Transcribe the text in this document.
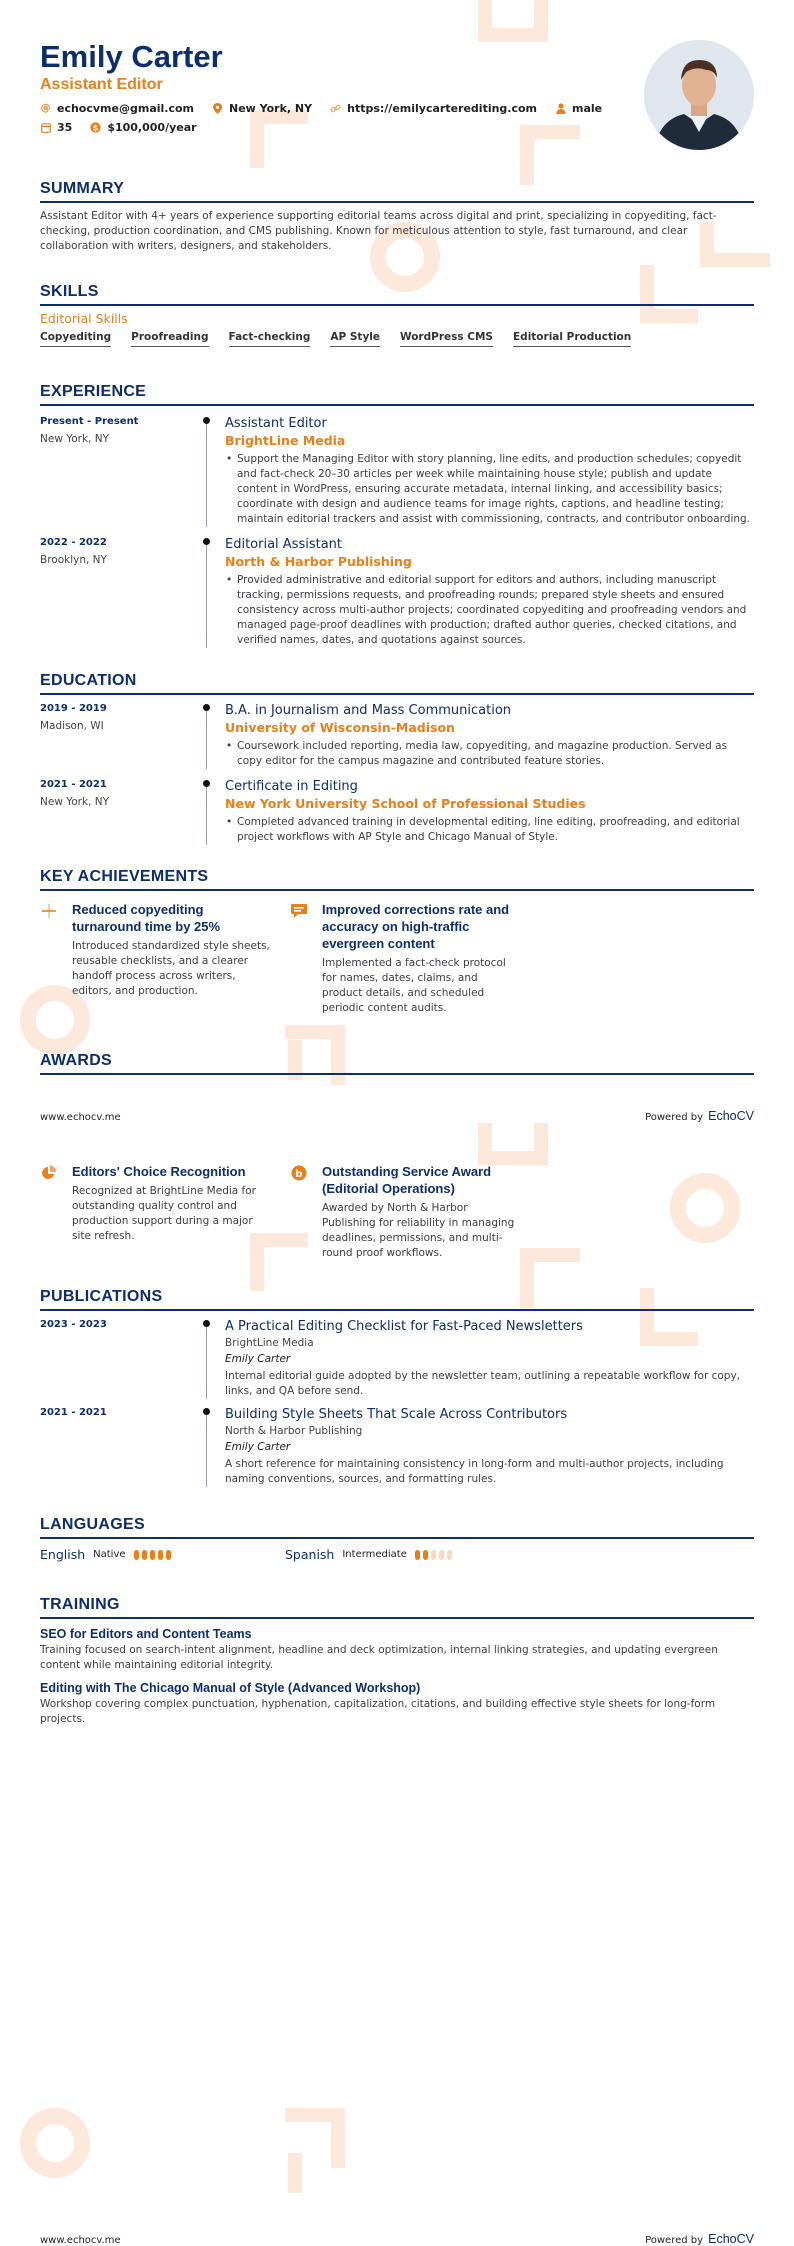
Emily Carter
Assistant Editor
@ echocvme@gmail.com	New York, NY	https://emilycarterediting.com	male
35	$ $100,000/year
SUMMARY
Assistant Editor with 4+ years of experience supporting editorial teams across digital and print, specializing in copyediting, fact-checking, production coordination, and CMS publishing. Known for meticulous attention to style, fast turnaround, and clear collaboration with writers, designers, and stakeholders.
SKILLS
Editorial Skills
Copyediting Proofreading Fact-checking AP Style WordPress CMS Editorial Production
EXPERIENCE
Present - Present
New York, NY
Assistant Editor
BrightLine Media
• Support the Managing Editor with story planning, line edits, and production schedules; copyedit and fact-check 20–30 articles per week while maintaining house style; publish and update content in WordPress, ensuring accurate metadata, internal linking, and accessibility basics; coordinate with design and audience teams for image rights, captions, and headline testing; maintain editorial trackers and assist with commissioning, contracts, and contributor onboarding.
2022 - 2022
Brooklyn, NY
Editorial Assistant
North & Harbor Publishing
• Provided administrative and editorial support for editors and authors, including manuscript tracking, permissions requests, and proofreading rounds; prepared style sheets and ensured consistency across multi-author projects; coordinated copyediting and proofreading vendors and managed page-proof deadlines with production; drafted author queries, checked citations, and verified names, dates, and quotations against sources.
EDUCATION
2019 - 2019
Madison, WI
B.A. in Journalism and Mass Communication
University of Wisconsin-Madison
• Coursework included reporting, media law, copyediting, and magazine production. Served as copy editor for the campus magazine and contributed feature stories.
2021 - 2021
New York, NY
Certificate in Editing
New York University School of Professional Studies
• Completed advanced training in developmental editing, line editing, proofreading, and editorial project workflows with AP Style and Chicago Manual of Style.
KEY ACHIEVEMENTS
Reduced copyediting turnaround time by 25%
Introduced standardized style sheets, reusable checklists, and a clearer handoff process across writers, editors, and production.
Improved corrections rate and accuracy on high-traffic evergreen content
Implemented a fact-check protocol for names, dates, claims, and product details, and scheduled periodic content audits.
AWARDS
www.echocv.me	Powered by EchoCV
Editors' Choice Recognition
Recognized at BrightLine Media for outstanding quality control and production support during a major site refresh.
b Outstanding Service Award (Editorial Operations)
Awarded by North & Harbor Publishing for reliability in managing deadlines, permissions, and multi-round proof workflows.
PUBLICATIONS
2023 - 2023	A Practical Editing Checklist for Fast-Paced Newsletters
BrightLine Media
Emily Carter
Internal editorial guide adopted by the newsletter team, outlining a repeatable workflow for copy, links, and QA before send.
2021 - 2021	Building Style Sheets That Scale Across Contributors
North & Harbor Publishing
Emily Carter
A short reference for maintaining consistency in long-form and multi-author projects, including naming conventions, sources, and formatting rules.
LANGUAGES
English Native	Spanish Intermediate
TRAINING
SEO for Editors and Content Teams
Training focused on search-intent alignment, headline and deck optimization, internal linking strategies, and updating evergreen content while maintaining editorial integrity.
Editing with The Chicago Manual of Style (Advanced Workshop)
Workshop covering complex punctuation, hyphenation, capitalization, citations, and building effective style sheets for long-form projects.
www.echocv.me	Powered by EchoCV
